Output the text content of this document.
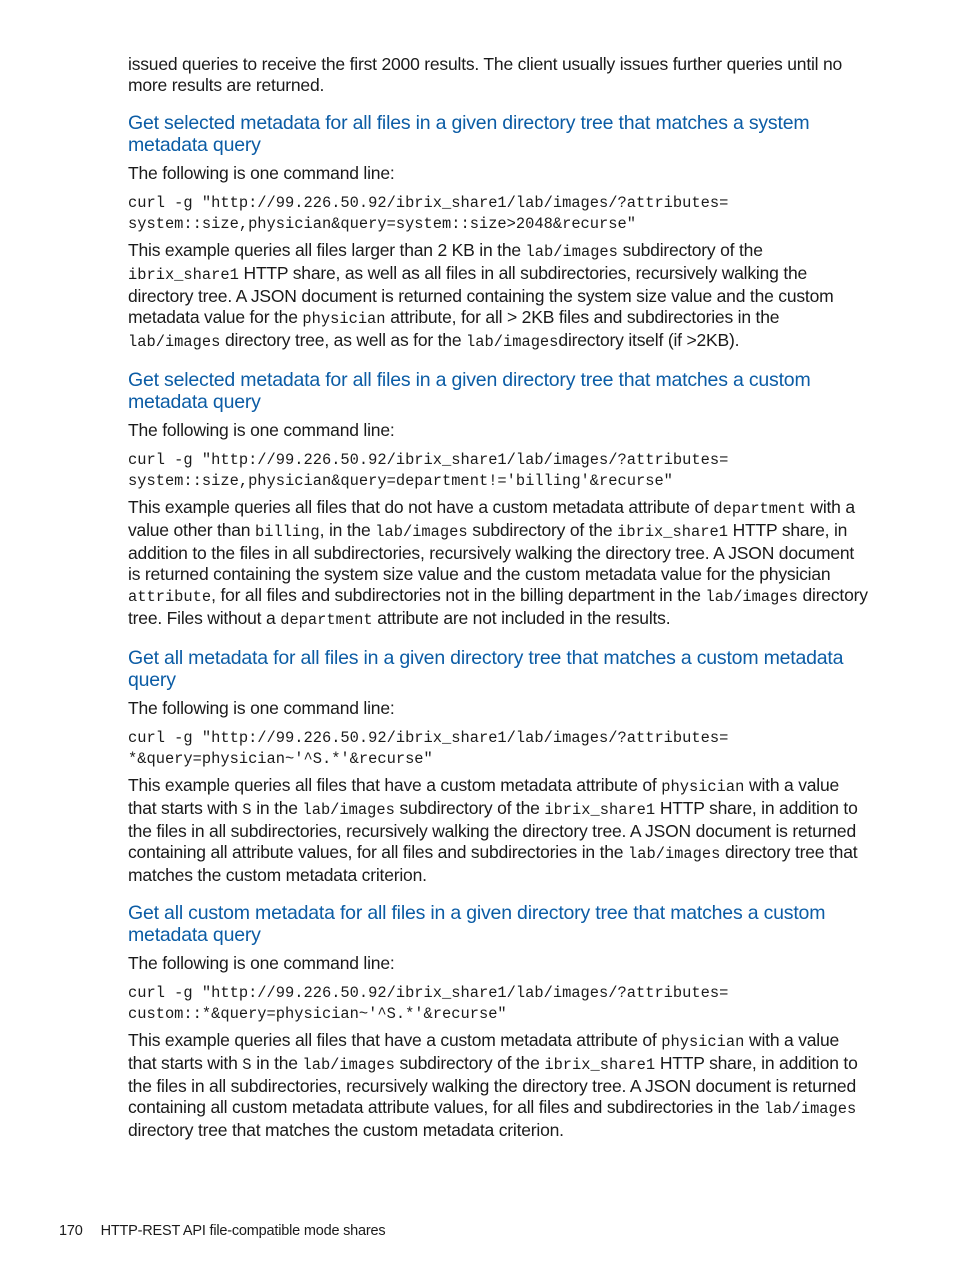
issued queries to receive the first 2000 results. The client usually issues further queries until no more results are returned.

Get selected metadata for all files in a given directory tree that matches a system metadata query

The following is one command line:

curl -g "http://99.226.50.92/ibrix_share1/lab/images/?attributes=
system::size,physician&query=system::size>2048&recurse"

This example queries all files larger than 2 KB in the lab/images subdirectory of the ibrix_share1 HTTP share, as well as all files in all subdirectories, recursively walking the directory tree. A JSON document is returned containing the system size value and the custom metadata value for the physician attribute, for all > 2KB files and subdirectories in the lab/images directory tree, as well as for the lab/imagesdirectory itself (if >2KB).

Get selected metadata for all files in a given directory tree that matches a custom metadata query

The following is one command line:

curl -g "http://99.226.50.92/ibrix_share1/lab/images/?attributes=
system::size,physician&query=department!='billing'&recurse"

This example queries all files that do not have a custom metadata attribute of department with a value other than billing, in the lab/images subdirectory of the ibrix_share1 HTTP share, in addition to the files in all subdirectories, recursively walking the directory tree. A JSON document is returned containing the system size value and the custom metadata value for the physician attribute, for all files and subdirectories not in the billing department in the lab/images directory tree. Files without a department attribute are not included in the results.

Get all metadata for all files in a given directory tree that matches a custom metadata query

The following is one command line:

curl -g "http://99.226.50.92/ibrix_share1/lab/images/?attributes=
*&query=physician~'^S.*'&recurse"

This example queries all files that have a custom metadata attribute of physician with a value that starts with S in the lab/images subdirectory of the ibrix_share1 HTTP share, in addition to the files in all subdirectories, recursively walking the directory tree. A JSON document is returned containing all attribute values, for all files and subdirectories in the lab/images directory tree that matches the custom metadata criterion.

Get all custom metadata for all files in a given directory tree that matches a custom metadata query

The following is one command line:

curl -g "http://99.226.50.92/ibrix_share1/lab/images/?attributes=
custom::*&query=physician~'^S.*'&recurse"

This example queries all files that have a custom metadata attribute of physician with a value that starts with S in the lab/images subdirectory of the ibrix_share1 HTTP share, in addition to the files in all subdirectories, recursively walking the directory tree. A JSON document is returned containing all custom metadata attribute values, for all files and subdirectories in the lab/images directory tree that matches the custom metadata criterion.

170 HTTP-REST API file-compatible mode shares
